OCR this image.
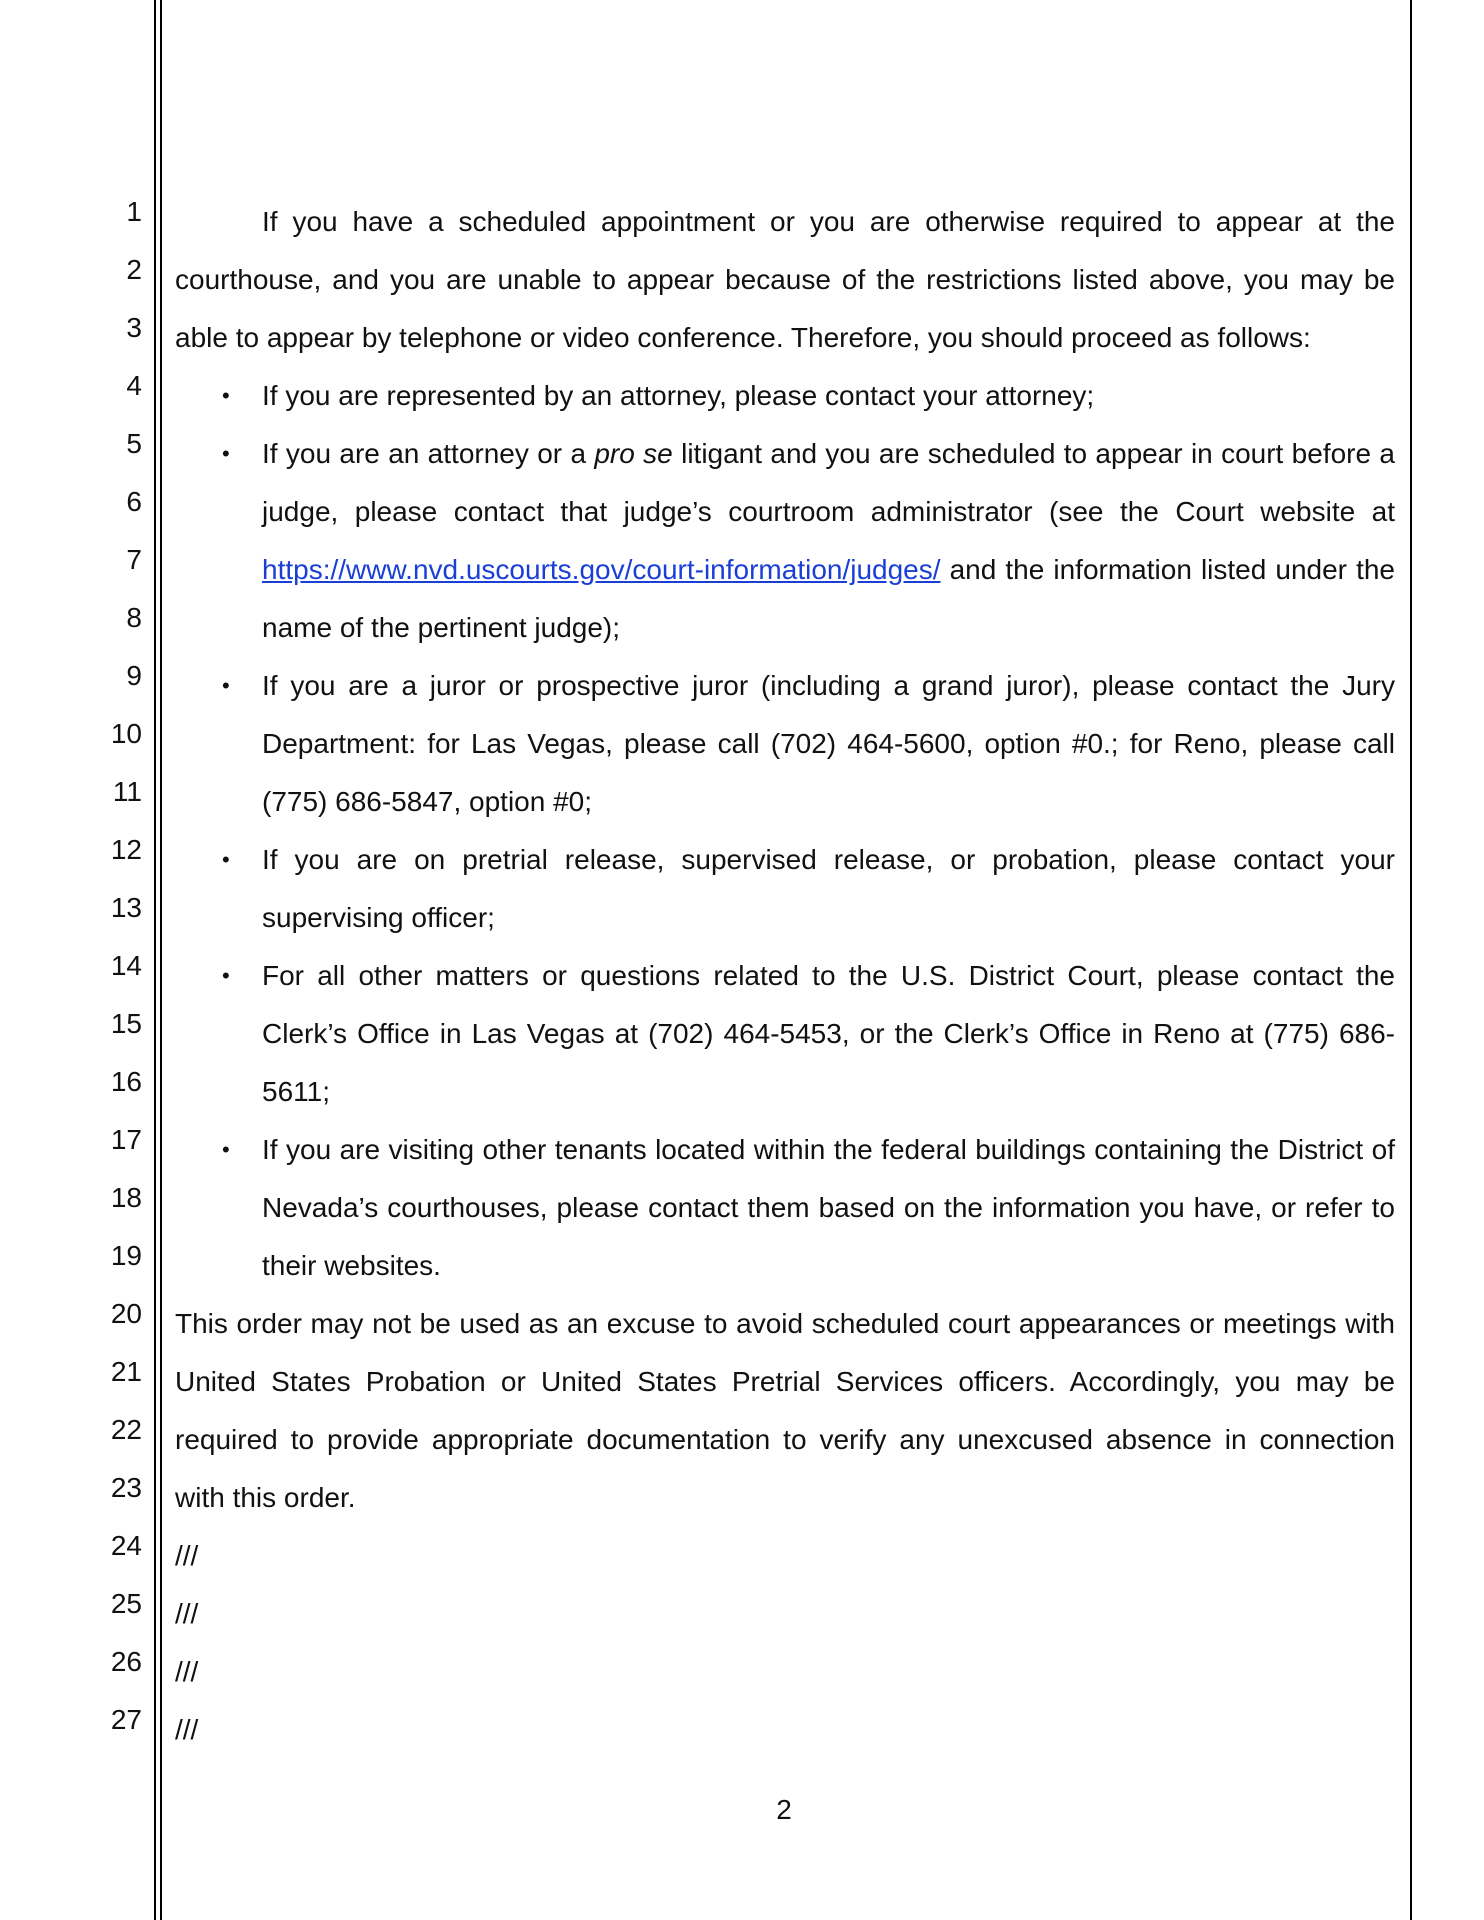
1
2
3
4
5
6
7
8
9
10
11
12
13
14
15
16
17
18
19
20
21
22
23
24
25
26
27

If you have a scheduled appointment or you are otherwise required to appear at the courthouse, and you are unable to appear because of the restrictions listed above, you may be able to appear by telephone or video conference. Therefore, you should proceed as follows:

• If you are represented by an attorney, please contact your attorney;
• If you are an attorney or a pro se litigant and you are scheduled to appear in court before a judge, please contact that judge’s courtroom administrator (see the Court website at https://www.nvd.uscourts.gov/court-information/judges/ and the information listed under the name of the pertinent judge);
• If you are a juror or prospective juror (including a grand juror), please contact the Jury Department: for Las Vegas, please call (702) 464-5600, option #0.; for Reno, please call (775) 686-5847, option #0;
• If you are on pretrial release, supervised release, or probation, please contact your supervising officer;
• For all other matters or questions related to the U.S. District Court, please contact the Clerk’s Office in Las Vegas at (702) 464-5453, or the Clerk’s Office in Reno at (775) 686-5611;
• If you are visiting other tenants located within the federal buildings containing the District of Nevada’s courthouses, please contact them based on the information you have, or refer to their websites.

This order may not be used as an excuse to avoid scheduled court appearances or meetings with United States Probation or United States Pretrial Services officers. Accordingly, you may be required to provide appropriate documentation to verify any unexcused absence in connection with this order.

///

///

///

///

2
